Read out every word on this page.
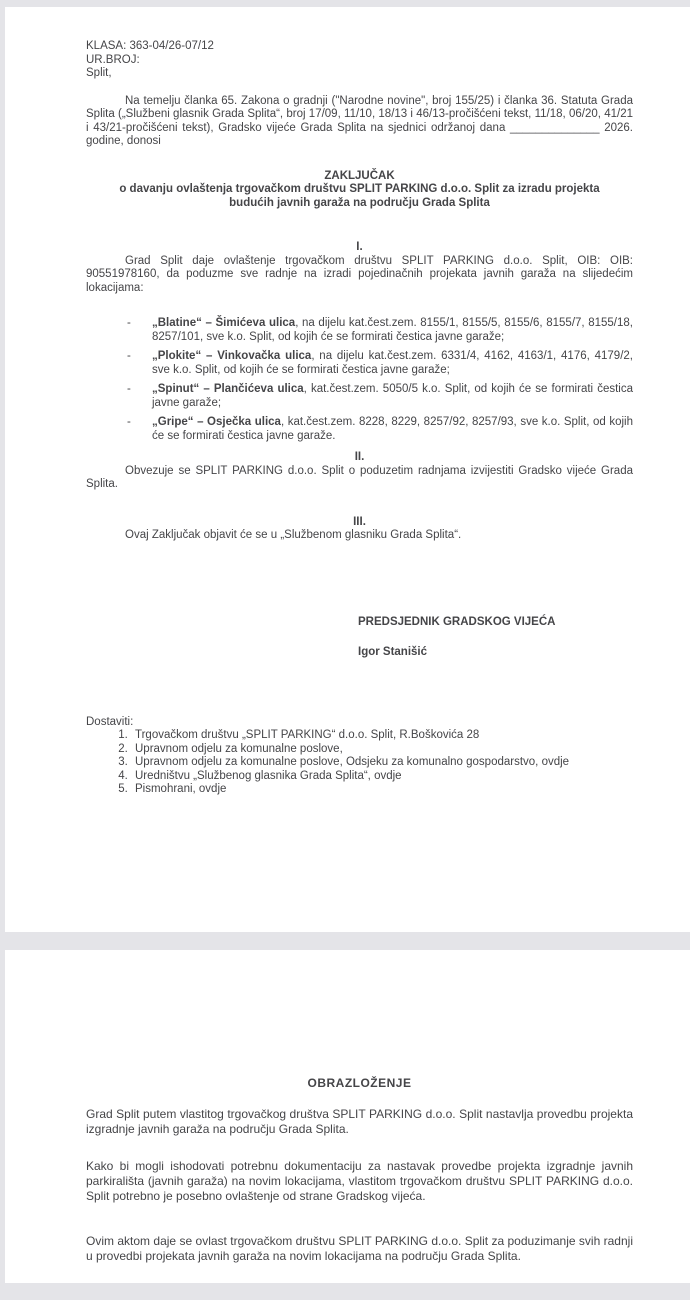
KLASA: 363-04/26-07/12
UR.BROJ:
Split,

Na temelju članka 65. Zakona o gradnji ("Narodne novine", broj 155/25) i članka 36. Statuta Grada Splita („Službeni glasnik Grada Splita“, broj 17/09, 11/10, 18/13 i 46/13-pročišćeni tekst, 11/18, 06/20, 41/21 i 43/21-pročišćeni tekst), Gradsko vijeće Grada Splita na sjednici održanoj dana ______________ 2026. godine, donosi

ZAKLJUČAK
o davanju ovlaštenja trgovačkom društvu SPLIT PARKING d.o.o. Split za izradu projekta budućih javnih garaža na području Grada Splita
I.

Grad Split daje ovlaštenje trgovačkom društvu SPLIT PARKING d.o.o. Split, OIB: OIB: 90551978160, da poduzme sve radnje na izradi pojedinačnih projekata javnih garaža na slijedećim lokacijama:

-	„Blatine“ – Šimićeva ulica, na dijelu kat.čest.zem. 8155/1, 8155/5, 8155/6, 8155/7, 8155/18, 8257/101, sve k.o. Split, od kojih će se formirati čestica javne garaže;
-	„Plokite“ – Vinkovačka ulica, na dijelu kat.čest.zem. 6331/4, 4162, 4163/1, 4176, 4179/2, sve k.o. Split, od kojih će se formirati čestica javne garaže;
-	„Spinut“ – Plančićeva ulica, kat.čest.zem. 5050/5 k.o. Split, od kojih će se formirati čestica javne garaže;
-	„Gripe“ – Osječka ulica, kat.čest.zem. 8228, 8229, 8257/92, 8257/93, sve k.o. Split, od kojih će se formirati čestica javne garaže.
II.

Obvezuje se SPLIT PARKING d.o.o. Split o poduzetim radnjama izvijestiti Gradsko vijeće Grada Splita.

III.

Ovaj Zaključak objavit će se u „Službenom glasniku Grada Splita“.

PREDSJEDNIK GRADSKOG VIJEĆA
Igor Stanišić
Dostaviti:
1. Trgovačkom društvu „SPLIT PARKING“ d.o.o. Split, R.Boškovića 28
2. Upravnom odjelu za komunalne poslove,
3. Upravnom odjelu za komunalne poslove, Odsjeku za komunalno gospodarstvo, ovdje
4. Uredništvu „Službenog glasnika Grada Splita“, ovdje
5. Pismohrani, ovdje
OBRAZLOŽENJE

Grad Split putem vlastitog trgovačkog društva SPLIT PARKING d.o.o. Split nastavlja provedbu projekta izgradnje javnih garaža na području Grada Splita.

Kako bi mogli ishodovati potrebnu dokumentaciju za nastavak provedbe projekta izgradnje javnih parkirališta (javnih garaža) na novim lokacijama, vlastitom trgovačkom društvu SPLIT PARKING d.o.o. Split potrebno je posebno ovlaštenje od strane Gradskog vijeća.

Ovim aktom daje se ovlast trgovačkom društvu SPLIT PARKING d.o.o. Split za poduzimanje svih radnji u provedbi projekata javnih garaža na novim lokacijama na području Grada Splita.
